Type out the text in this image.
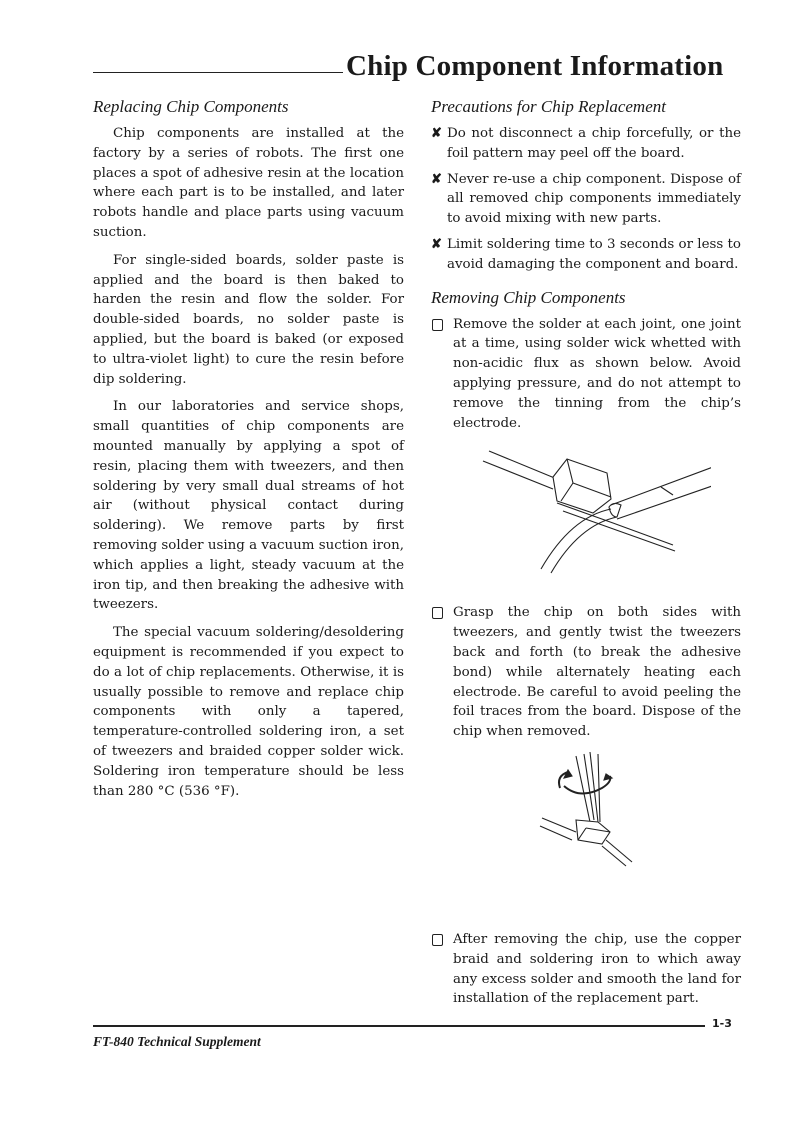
Chip Component Information
Replacing Chip Components

Chip components are installed at the factory by a series of robots. The first one places a spot of adhesive resin at the location where each part is to be installed, and later robots handle and place parts using vacuum suction.

For single-sided boards, solder paste is applied and the board is then baked to harden the resin and flow the solder. For double-sided boards, no solder paste is applied, but the board is baked (or exposed to ultra-violet light) to cure the resin before dip soldering.

In our laboratories and service shops, small quantities of chip components are mounted manually by applying a spot of resin, placing them with tweezers, and then soldering by very small dual streams of hot air (without physical contact during soldering). We remove parts by first removing solder using a vacuum suction iron, which applies a light, steady vacuum at the iron tip, and then breaking the adhesive with tweezers.

The special vacuum soldering/desoldering equipment is recommended if you expect to do a lot of chip replacements. Otherwise, it is usually possible to remove and replace chip components with only a tapered, temperature-controlled soldering iron, a set of tweezers and braided copper solder wick. Soldering iron temperature should be less than 280 °C (536 °F).

Precautions for Chip Replacement
✘ Do not disconnect a chip forcefully, or the foil pattern may peel off the board.
✘ Never re-use a chip component. Dispose of all removed chip components immediately to avoid mixing with new parts.
✘ Limit soldering time to 3 seconds or less to avoid damaging the component and board.
Removing Chip Components
Remove the solder at each joint, one joint at a time, using solder wick whetted with non-acidic flux as shown below. Avoid applying pressure, and do not attempt to remove the tinning from the chip’s electrode.
Grasp the chip on both sides with tweezers, and gently twist the tweezers back and forth (to break the adhesive bond) while alternately heating each electrode. Be careful to avoid peeling the foil traces from the board. Dispose of the chip when removed.
After removing the chip, use the copper braid and soldering iron to which away any excess solder and smooth the land for installation of the replacement part.
1-3
FT-840 Technical Supplement
